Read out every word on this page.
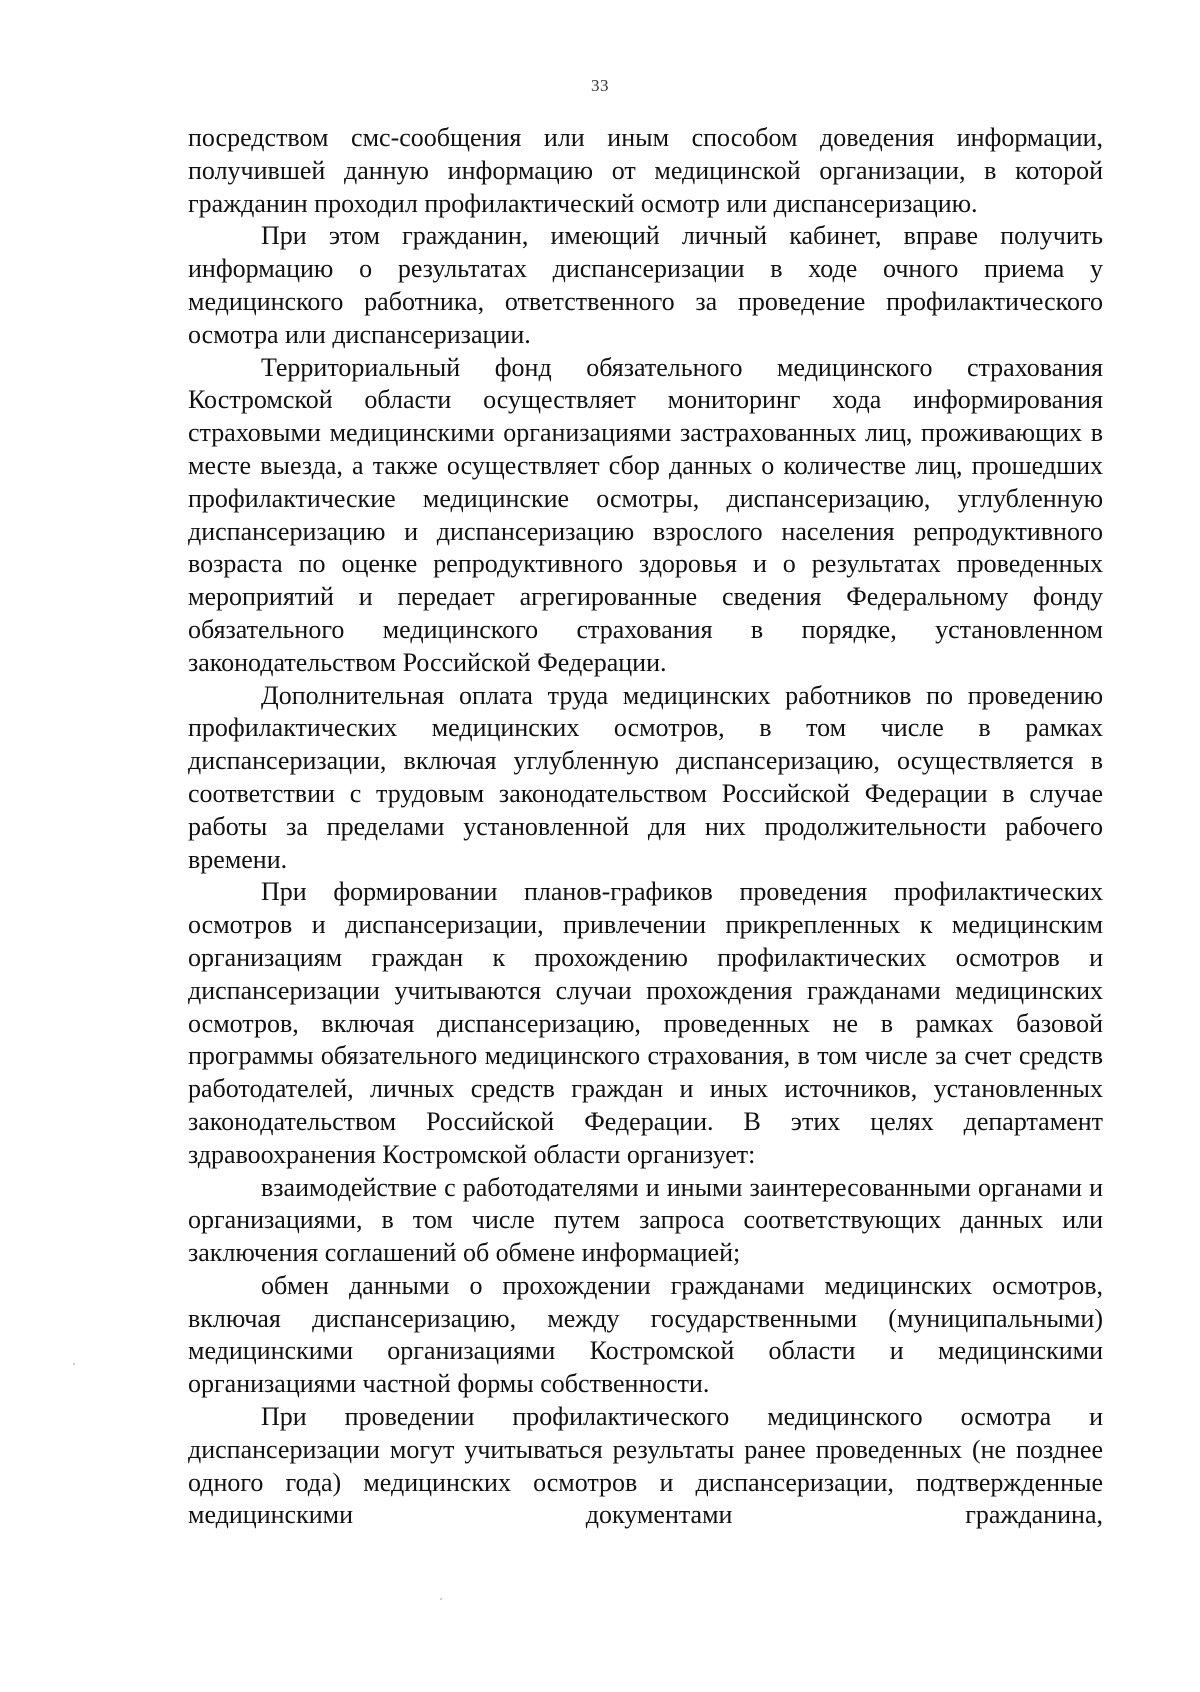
33

посредством смс-сообщения или иным способом доведения информации, получившей данную информацию от медицинской организации, в которой гражданин проходил профилактический осмотр или диспансеризацию.

При этом гражданин, имеющий личный кабинет, вправе получить информацию о результатах диспансеризации в ходе очного приема у медицинского работника, ответственного за проведение профилактического осмотра или диспансеризации.

Территориальный фонд обязательного медицинского страхования Костромской области осуществляет мониторинг хода информирования страховыми медицинскими организациями застрахованных лиц, проживающих в месте выезда, а также осуществляет сбор данных о количестве лиц, прошедших профилактические медицинские осмотры, диспансеризацию, углубленную диспансеризацию и диспансеризацию взрослого населения репродуктивного возраста по оценке репродуктивного здоровья и о результатах проведенных мероприятий и передает агрегированные сведения Федеральному фонду обязательного медицинского страхования в порядке, установленном законодательством Российской Федерации.

Дополнительная оплата труда медицинских работников по проведению профилактических медицинских осмотров, в том числе в рамках диспансеризации, включая углубленную диспансеризацию, осуществляется в соответствии с трудовым законодательством Российской Федерации в случае работы за пределами установленной для них продолжительности рабочего времени.

При формировании планов-графиков проведения профилактических осмотров и диспансеризации, привлечении прикрепленных к медицинским организациям граждан к прохождению профилактических осмотров и диспансеризации учитываются случаи прохождения гражданами медицинских осмотров, включая диспансеризацию, проведенных не в рамках базовой программы обязательного медицинского страхования, в том числе за счет средств работодателей, личных средств граждан и иных источников, установленных законодательством Российской Федерации. В этих целях департамент здравоохранения Костромской области организует:

взаимодействие с работодателями и иными заинтересованными органами и организациями, в том числе путем запроса соответствующих данных или заключения соглашений об обмене информацией;

обмен данными о прохождении гражданами медицинских осмотров, включая диспансеризацию, между государственными (муниципальными) медицинскими организациями Костромской области и медицинскими организациями частной формы собственности.

При проведении профилактического медицинского осмотра и диспансеризации могут учитываться результаты ранее проведенных (не позднее одного года) медицинских осмотров и диспансеризации, подтвержденные медицинскими документами гражданина,
